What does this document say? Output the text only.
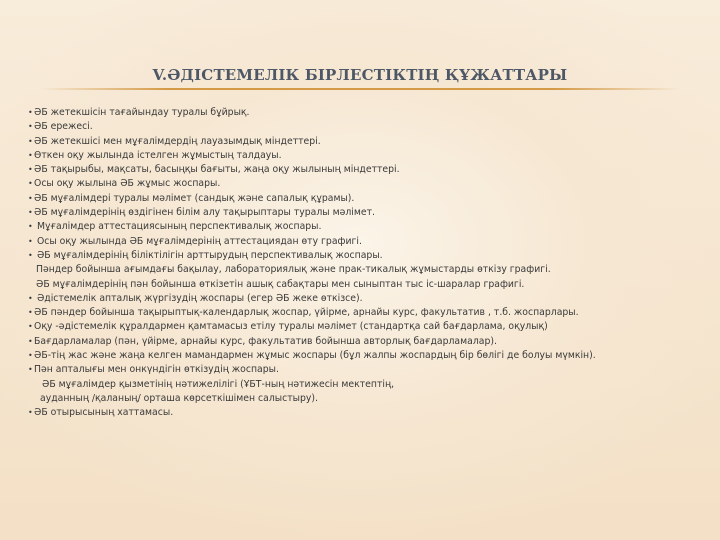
V.ӘДІСТЕМЕЛІК БІРЛЕСТІКТІҢ ҚҰЖАТТАРЫ
•ӘБ жетекшісін тағайындау туралы бұйрық.
•ӘБ ережесі.
•ӘБ жетекшісі мен мұғалімдердің лауазымдық міндеттері.
•Өткен оқу жылында істелген жұмыстың талдауы.
•ӘБ тақырыбы, мақсаты, басыңқы бағыты, жаңа оқу жылының міндеттері.
•Осы оқу жылына ӘБ жұмыс жоспары.
•ӘБ мұғалімдері туралы мәлімет (сандық және сапалық құрамы).
•ӘБ мұғалімдерінің өздігінен білім алу тақырыптары туралы мәлімет.
• Мұғалімдер аттестациясының перспективалық жоспары.
• Осы оқу жылында ӘБ мұғалімдерінің аттестациядан өту графигі.
• ӘБ мұғалімдерінің біліктілігін арттырудың перспективалық жоспары.
Пәндер бойынша ағымдағы бақылау, лабораториялық және прак-тикалық жұмыстарды өткізу графигі.
ӘБ мұғалімдерінің пән бойынша өткізетін ашық сабақтары мен сыныптан тыс іс-шаралар графигі.
• Әдістемелік апталық жүргізудің жоспары (егер ӘБ жеке өткізсе).
•ӘБ пәндер бойынша тақырыптық-календарлық жоспар, үйірме, арнайы курс, факультатив , т.б. жоспарлары.
•Оқу -әдістемелік құралдармен қамтамасыз етілу туралы мәлімет (стандартқа сай бағдарлама, оқулық)
•Бағдарламалар (пән, үйірме, арнайы курс, факультатив бойынша авторлық бағдарламалар).
•ӘБ-тің жас және жаңа келген мамандармен жұмыс жоспары (бұл жалпы жоспардың бір бөлігі де болуы мүмкін).
•Пән апталығы мен онкүндігін өткізудің жоспары.
ӘБ мұғалімдер қызметінің нәтижелілігі (ҰБТ-ның нәтижесін мектептің,
ауданның /қаланың/ орташа көрсеткішімен салыстыру).
•ӘБ отырысының хаттамасы.
